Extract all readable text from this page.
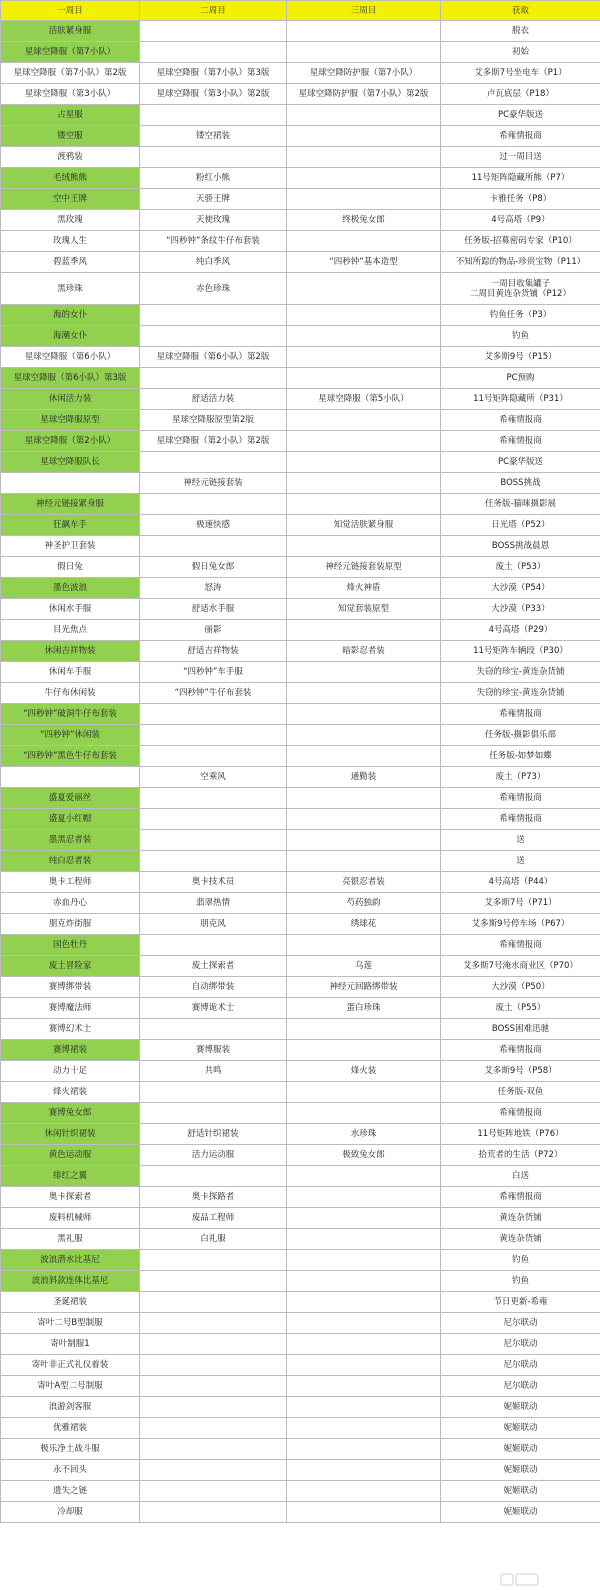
一周目	二周目	三周目	获取
活肤紧身服			脱衣
星球空降服（第7小队）			初始
星球空降服（第7小队）第2版	星球空降服（第7小队）第3版	星球空降防护服（第7小队）	艾多斯7号坐电车（P1）
星球空降服（第3小队）	星球空降服（第3小队）第2版	星球空降防护服（第7小队）第2版	卢瓦底层（P18）
占星服			PC豪华版送
镂空服	镂空裙装		希雍情报商
渡鸦装			过一周目送
毛绒熊熊	粉红小熊		11号矩阵隐藏所熊（P7）
空中王牌	天骄王牌		卡雅任务（P8）
黑玫瑰	天使玫瑰	终极兔女郎	4号高塔（P9）
玫瑰人生	“四秒钟”条纹牛仔布套装		任务版-招募密码专家（P10）
碧蓝季风	纯白季风	“四秒钟”基本造型	不知所踪的物品-珍贵宝物（P11）
黑珍珠	赤色珍珠		一周目收集罐子
二周目黄连杂货铺（P12）
海的女仆			钓鱼任务（P3）
海潮女仆			钓鱼
星球空降服（第6小队）	星球空降服（第6小队）第2版		艾多斯9号（P15）
星球空降服（第6小队）第3版			PC预购
休闲活力装	舒适活力装	星球空降服（第5小队）	11号矩阵隐藏所（P31）
星球空降服原型	星球空降服原型第2版		希雍情报商
星球空降服（第2小队）	星球空降服（第2小队）第2版		希雍情报商
星球空降服队长			PC豪华版送
	神经元链接套装		BOSS挑战
神经元链接紧身服			任务版-猫咪摄影展
狂飙车手	极速快感	知觉活肤紧身服	日光塔（P52）
神圣护卫套装			BOSS挑战晨恩
假日兔	假日兔女郎	神经元链接套装原型	废土（P53）
墨色波浪	怒涛	烽火神盾	大沙漠（P54）
休闲水手服	舒适水手服	知觉套装原型	大沙漠（P33）
目光焦点	丽影		4号高塔（P29）
休闲吉祥物装	舒适吉祥物装	暗影忍者装	11号矩阵车辆段（P30）
休闲车手服	“四秒钟”车手服		失窃的珍宝-黄连杂货铺
牛仔布休闲装	“四秒钟”牛仔布套装		失窃的珍宝-黄连杂货铺
“四秒钟”破洞牛仔布套装			希雍情报商
“四秒钟”休闲装			任务版-摄影俱乐部
“四秒钟”黑色牛仔布套装			任务版-如梦如蝶
	空乘风	通勤装	废土（P73）
盛夏爱丽丝			希雍情报商
盛夏小红帽			希雍情报商
墨黑忍者装			送
纯白忍者装			送
奥卡工程师	奥卡技术员	亮银忍者装	4号高塔（P44）
赤血丹心	翡翠热情	芍药独韵	艾多斯7号（P71）
朋克炸街服	朋克风	绣球花	艾多斯9号停车场（P67）
国色牡丹			希雍情报商
废土冒险家	废土探索者	乌莲	艾多斯7号淹水商业区（P70）
赛博绑带装	自动绑带装	神经元回路绑带装	大沙漠（P50）
赛博魔法师	赛博诡术士	蛋白珍珠	废土（P55）
赛博幻术士			BOSS困难迅驰
赛博裙装	赛博服装		希雍情报商
动力十足	共鸣	烽火装	艾多斯9号（P58）
烽火裙装			任务版-双鱼
赛博兔女郎			希雍情报商
休闲针织裙装	舒适针织裙装	水珍珠	11号矩阵地铁（P76）
黄色运动服	活力运动服	极致兔女郎	拾荒者的生活（P72）
绯红之翼			白送
奥卡探索者	奥卡探路者		希雍情报商
废料机械师	废品工程师		黄连杂货铺
黑礼服	白礼服		黄连杂货铺
波浪潜水比基尼			钓鱼
波浪斜款连体比基尼			钓鱼
圣诞裙装			节日更新-希雍
寄叶二号B型制服			尼尔联动
寄叶制服1			尼尔联动
寄叶非正式礼仪着装			尼尔联动
寄叶A型二号制服			尼尔联动
浪游剑客服			妮姬联动
优雅裙装			妮姬联动
极乐净土战斗服			妮姬联动
永不回头			妮姬联动
遗失之链			妮姬联动
冷却服			妮姬联动
